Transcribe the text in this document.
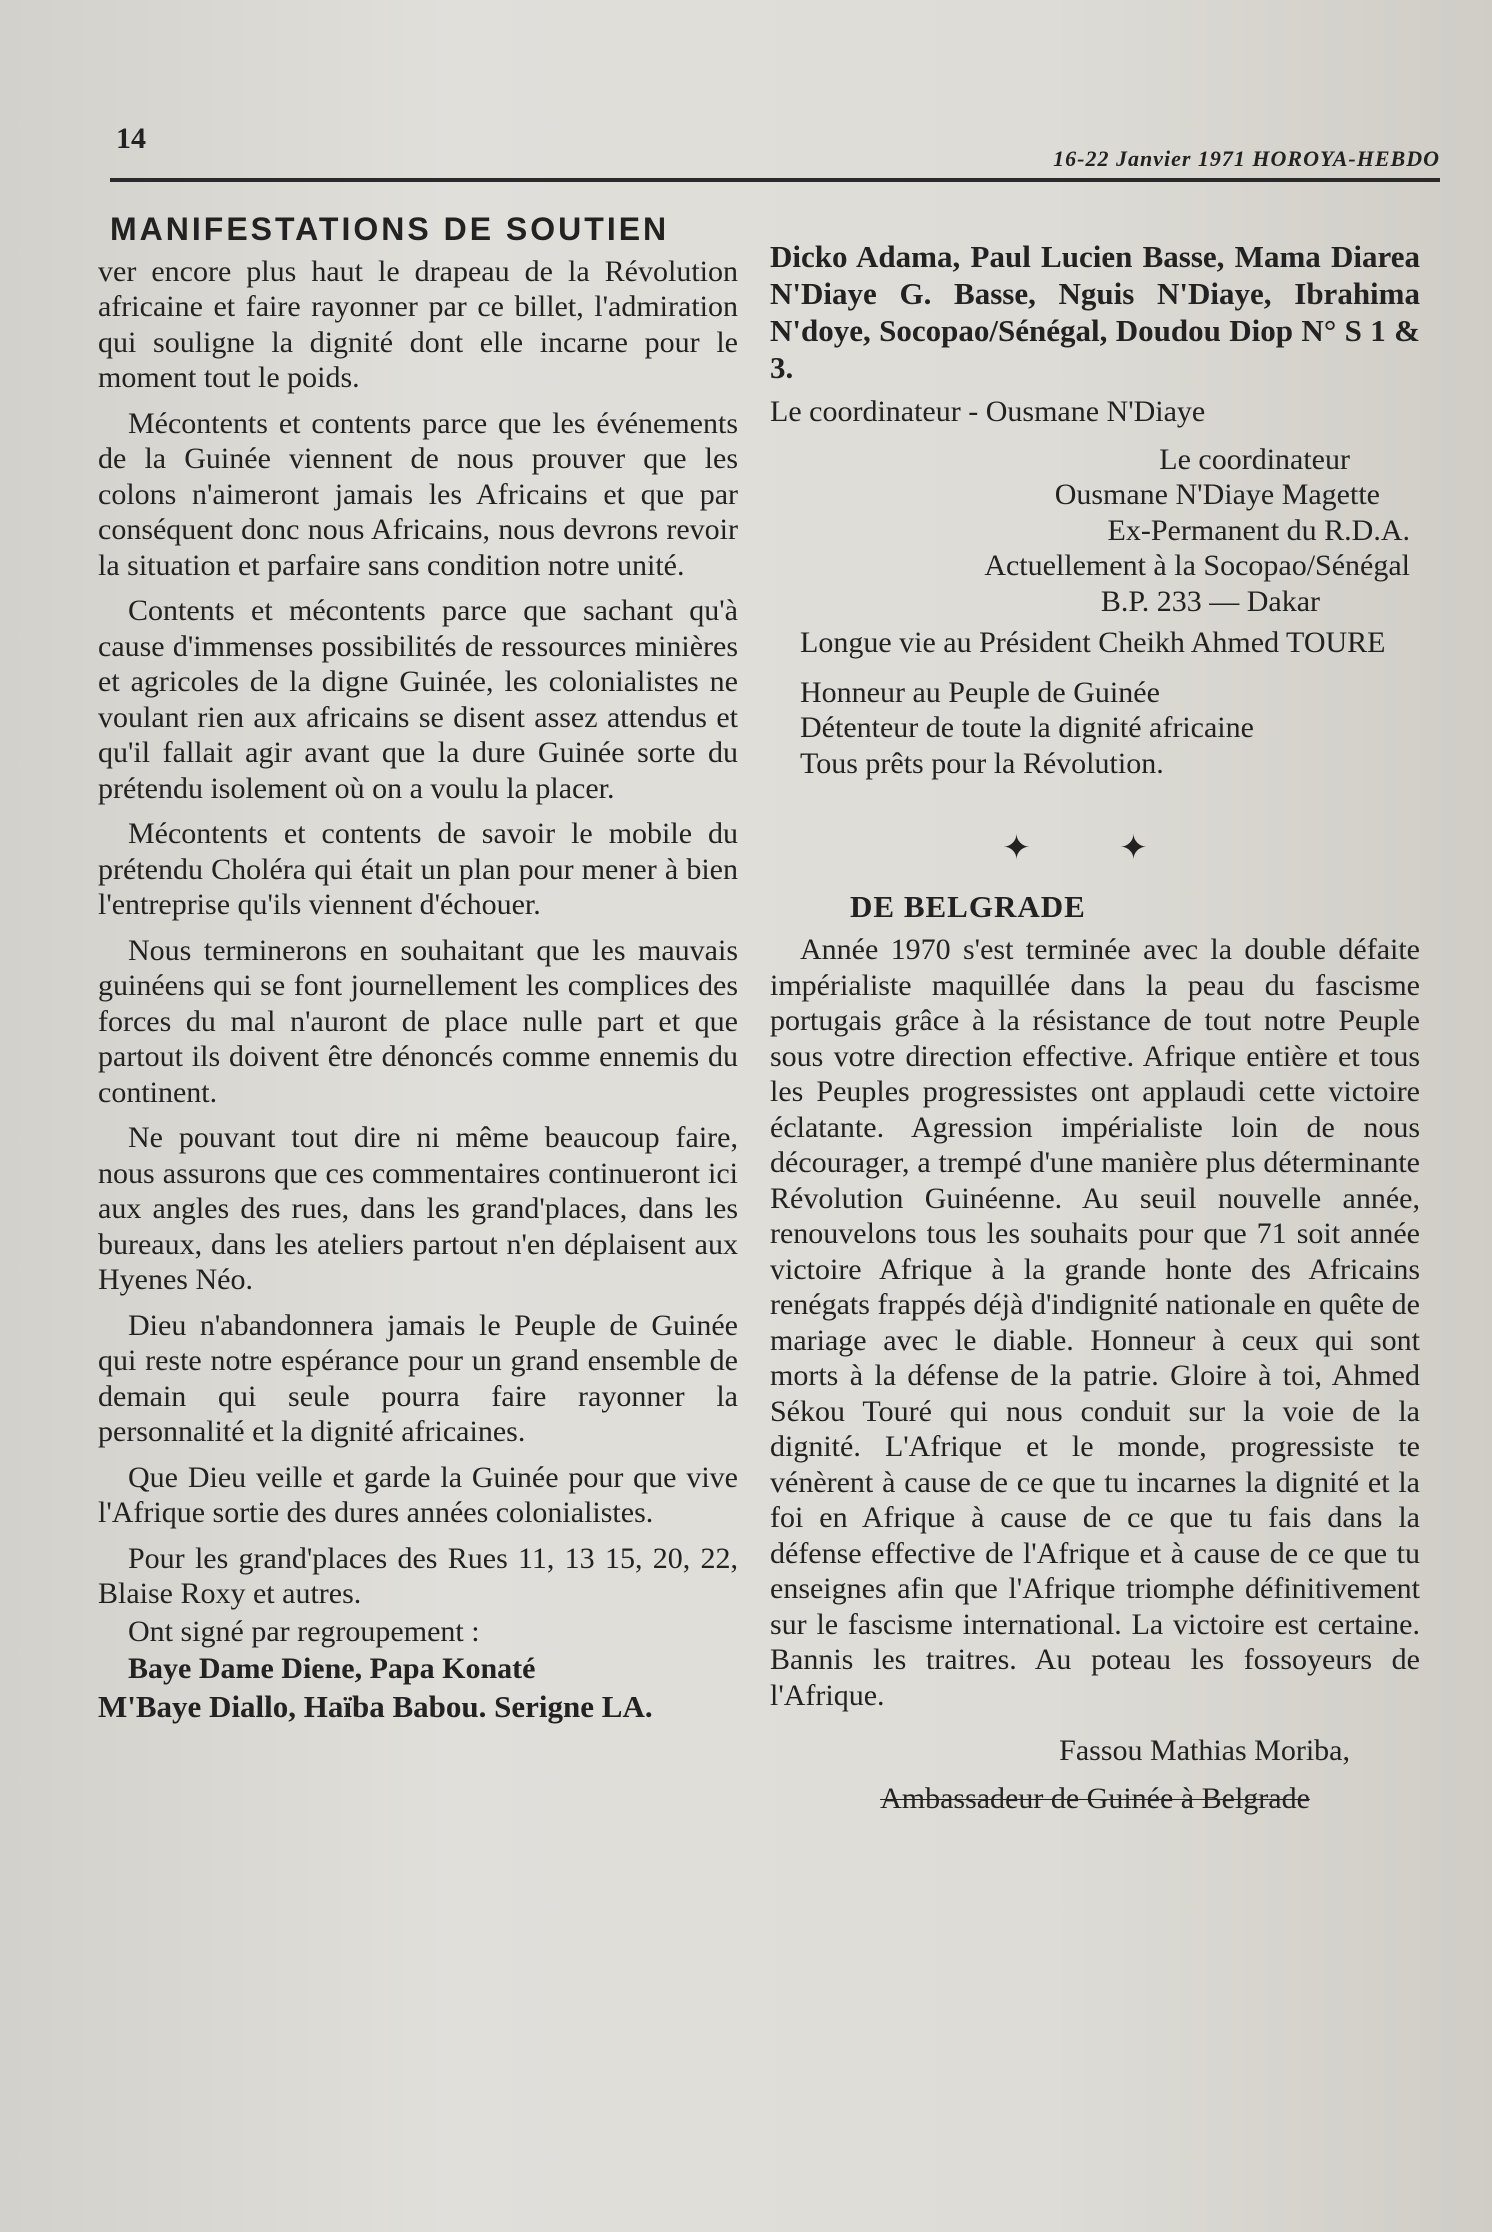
14
16-22 Janvier 1971 HOROYA-HEBDO
MANIFESTATIONS DE SOUTIEN

ver encore plus haut le drapeau de la Révolution africaine et faire rayonner par ce billet, l'admiration qui souligne la dignité dont elle incarne pour le moment tout le poids.

Mécontents et contents parce que les événements de la Guinée viennent de nous prouver que les colons n'aimeront jamais les Africains et que par conséquent donc nous Africains, nous devrons revoir la situation et parfaire sans condition notre unité.

Contents et mécontents parce que sachant qu'à cause d'immenses possibilités de ressources minières et agricoles de la digne Guinée, les colonialistes ne voulant rien aux africains se disent assez attendus et qu'il fallait agir avant que la dure Guinée sorte du prétendu isolement où on a voulu la placer.

Mécontents et contents de savoir le mobile du prétendu Choléra qui était un plan pour mener à bien l'entreprise qu'ils viennent d'échouer.

Nous terminerons en souhaitant que les mauvais guinéens qui se font journellement les complices des forces du mal n'auront de place nulle part et que partout ils doivent être dénoncés comme ennemis du continent.

Ne pouvant tout dire ni même beaucoup faire, nous assurons que ces commentaires continueront ici aux angles des rues, dans les grand'places, dans les bureaux, dans les ateliers partout n'en déplaisent aux Hyenes Néo.

Dieu n'abandonnera jamais le Peuple de Guinée qui reste notre espérance pour un grand ensemble de demain qui seule pourra faire rayonner la personnalité et la dignité africaines.

Que Dieu veille et garde la Guinée pour que vive l'Afrique sortie des dures années colonialistes.

Pour les grand'places des Rues 11, 13 15, 20, 22, Blaise Roxy et autres.

Ont signé par regroupement :

Baye Dame Diene, Papa Konaté

M'Baye Diallo, Haïba Babou. Serigne LA.

Dicko Adama, Paul Lucien Basse, Mama Diarea N'Diaye G. Basse, Nguis N'Diaye, Ibrahima N'doye, Socopao/Sénégal, Doudou Diop N° S 1 & 3.

Le coordinateur - Ousmane N'Diaye

Le coordinateur
Ousmane N'Diaye Magette
Ex-Permanent du R.D.A.
Actuellement à la Socopao/Sénégal
B.P. 233 — Dakar

Longue vie au Président Cheikh Ahmed TOURE

Honneur au Peuple de Guinée
Détenteur de toute la dignité africaine
Tous prêts pour la Révolution.
✦ ✦
DE BELGRADE

Année 1970 s'est terminée avec la double défaite impérialiste maquillée dans la peau du fascisme portugais grâce à la résistance de tout notre Peuple sous votre direction effective. Afrique entière et tous les Peuples progressistes ont applaudi cette victoire éclatante. Agression impérialiste loin de nous décourager, a trempé d'une manière plus déterminante Révolution Guinéenne. Au seuil nouvelle année, renouvelons tous les souhaits pour que 71 soit année victoire Afrique à la grande honte des Africains renégats frappés déjà d'indignité nationale en quête de mariage avec le diable. Honneur à ceux qui sont morts à la défense de la patrie. Gloire à toi, Ahmed Sékou Touré qui nous conduit sur la voie de la dignité. L'Afrique et le monde, progressiste te vénèrent à cause de ce que tu incarnes la dignité et la foi en Afrique à cause de ce que tu fais dans la défense effective de l'Afrique et à cause de ce que tu enseignes afin que l'Afrique triomphe définitivement sur le fascisme international. La victoire est certaine. Bannis les traitres. Au poteau les fossoyeurs de l'Afrique.

Fassou Mathias Moriba,
Ambassadeur de Guinée à Belgrade
